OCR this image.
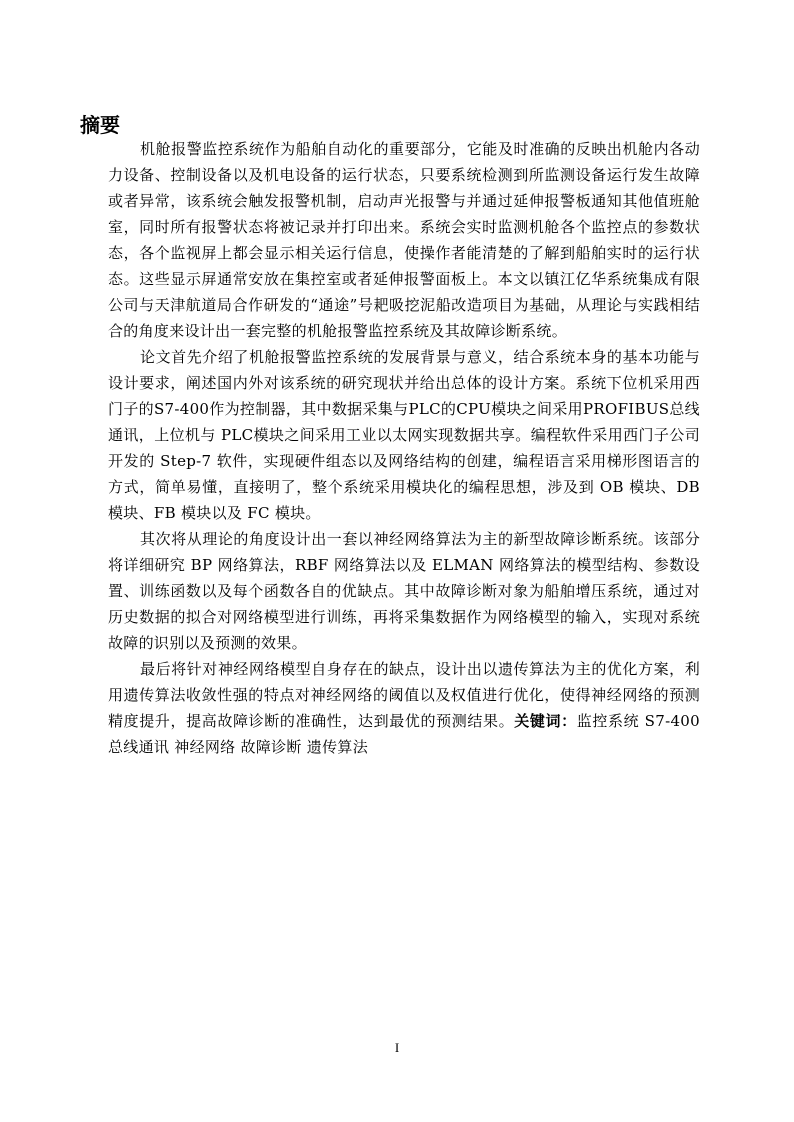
摘要

机舱报警监控系统作为船舶自动化的重要部分，它能及时准确的反映出机舱内各动力设备、控制设备以及机电设备的运行状态，只要系统检测到所监测设备运行发生故障或者异常，该系统会触发报警机制，启动声光报警与并通过延伸报警板通知其他值班舱室，同时所有报警状态将被记录并打印出来。系统会实时监测机舱各个监控点的参数状态，各个监视屏上都会显示相关运行信息，使操作者能清楚的了解到船舶实时的运行状态。这些显示屏通常安放在集控室或者延伸报警面板上。本文以镇江亿华系统集成有限公司与天津航道局合作研发的“通途”号耙吸挖泥船改造项目为基础，从理论与实践相结合的角度来设计出一套完整的机舱报警监控系统及其故障诊断系统。

论文首先介绍了机舱报警监控系统的发展背景与意义，结合系统本身的基本功能与设计要求，阐述国内外对该系统的研究现状并给出总体的设计方案。系统下位机采用西门子的S7-400作为控制器，其中数据采集与PLC的CPU模块之间采用PROFIBUS总线通讯，上位机与 PLC模块之间采用工业以太网实现数据共享。编程软件采用西门子公司开发的 Step-7 软件，实现硬件组态以及网络结构的创建，编程语言采用梯形图语言的方式，简单易懂，直接明了，整个系统采用模块化的编程思想，涉及到 OB 模块、DB 模块、FB 模块以及 FC 模块。

其次将从理论的角度设计出一套以神经网络算法为主的新型故障诊断系统。该部分将详细研究 BP 网络算法，RBF 网络算法以及 ELMAN 网络算法的模型结构、参数设置、训练函数以及每个函数各自的优缺点。其中故障诊断对象为船舶增压系统，通过对历史数据的拟合对网络模型进行训练，再将采集数据作为网络模型的输入，实现对系统故障的识别以及预测的效果。

最后将针对神经网络模型自身存在的缺点，设计出以遗传算法为主的优化方案，利用遗传算法收敛性强的特点对神经网络的阈值以及权值进行优化，使得神经网络的预测精度提升，提高故障诊断的准确性，达到最优的预测结果。关键词：监控系统 S7-400 总线通讯 神经网络 故障诊断 遗传算法

I
